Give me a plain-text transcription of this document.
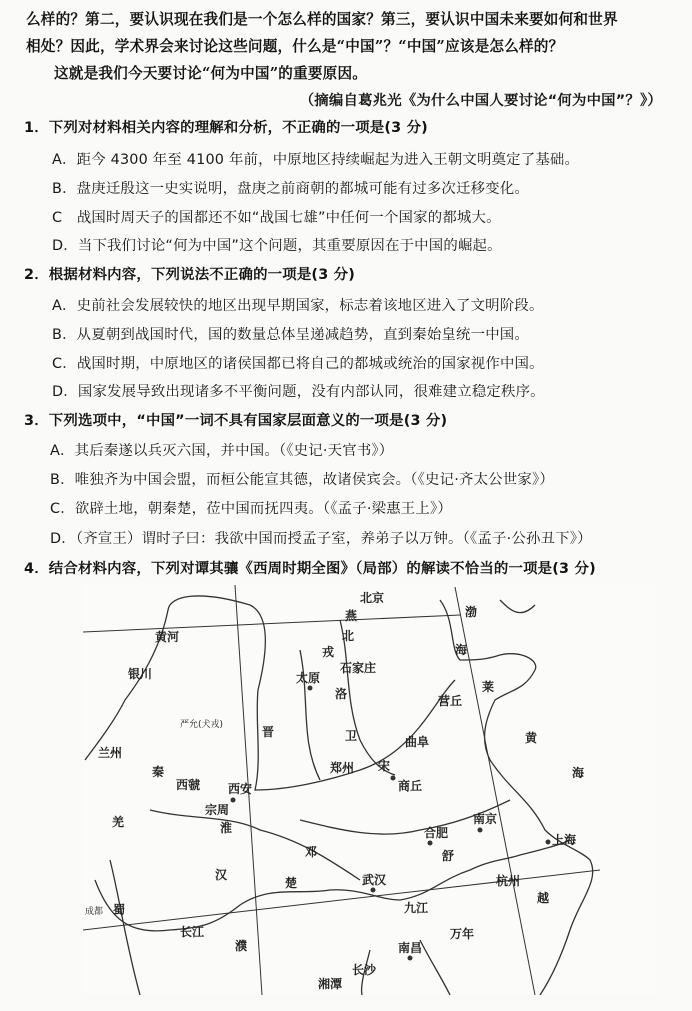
么样的？第二，要认识现在我们是一个怎么样的国家？第三，要认识中国未来要如何和世界
相处？因此，学术界会来讨论这些问题，什么是“中国”？“中国”应该是怎么样的？
这就是我们今天要讨论“何为中国”的重要原因。
（摘编自葛兆光《为什么中国人要讨论“何为中国”？》）
1．下列对材料相关内容的理解和分析，不正确的一项是(3 分)
A．距今 4300 年至 4100 年前，中原地区持续崛起为进入王朝文明奠定了基础。
B．盘庚迁殷这一史实说明，盘庚之前商朝的都城可能有过多次迁移变化。
C　战国时周天子的国都还不如“战国七雄”中任何一个国家的都城大。
D．当下我们讨论“何为中国”这个问题，其重要原因在于中国的崛起。
2．根据材料内容，下列说法不正确的一项是(3 分)
A．史前社会发展较快的地区出现早期国家，标志着该地区进入了文明阶段。
B．从夏朝到战国时代，国的数量总体呈递减趋势，直到秦始皇统一中国。
C．战国时期，中原地区的诸侯国都已将自己的都城或统治的国家视作中国。
D．国家发展导致出现诸多不平衡问题，没有内部认同，很难建立稳定秩序。
3．下列选项中，“中国”一词不具有国家层面意义的一项是(3 分)
A．其后秦遂以兵灭六国，并中国。（《史记·天官书》）
B．唯独齐为中国会盟，而桓公能宣其德，故诸侯宾会。（《史记·齐太公世家》）
C．欲辟土地，朝秦楚，莅中国而抚四夷。（《孟子·梁惠王上》）
D．（齐宣王）谓时子曰：我欲中国而授孟子室，养弟子以万钟。（《孟子·公孙丑下》）
4．结合材料内容，下列对谭其骧《西周时期全图》（局部）的解读不恰当的一项是(3 分)
黄河
银川
兰州
北
戎
太原
石家庄
严允(犬戎)	晋
秦
西虢 西安
宗周
羌
蜀
成都
汉
楚
邓
武汉
长江
长沙
湘潭
北京
渤
海
莱
黄
海
营丘
曲阜
宋
商丘
合肥
舒
南京
上海
杭州
越
九江
南昌
万年
洛
卫
郑州
燕
淮
濮
